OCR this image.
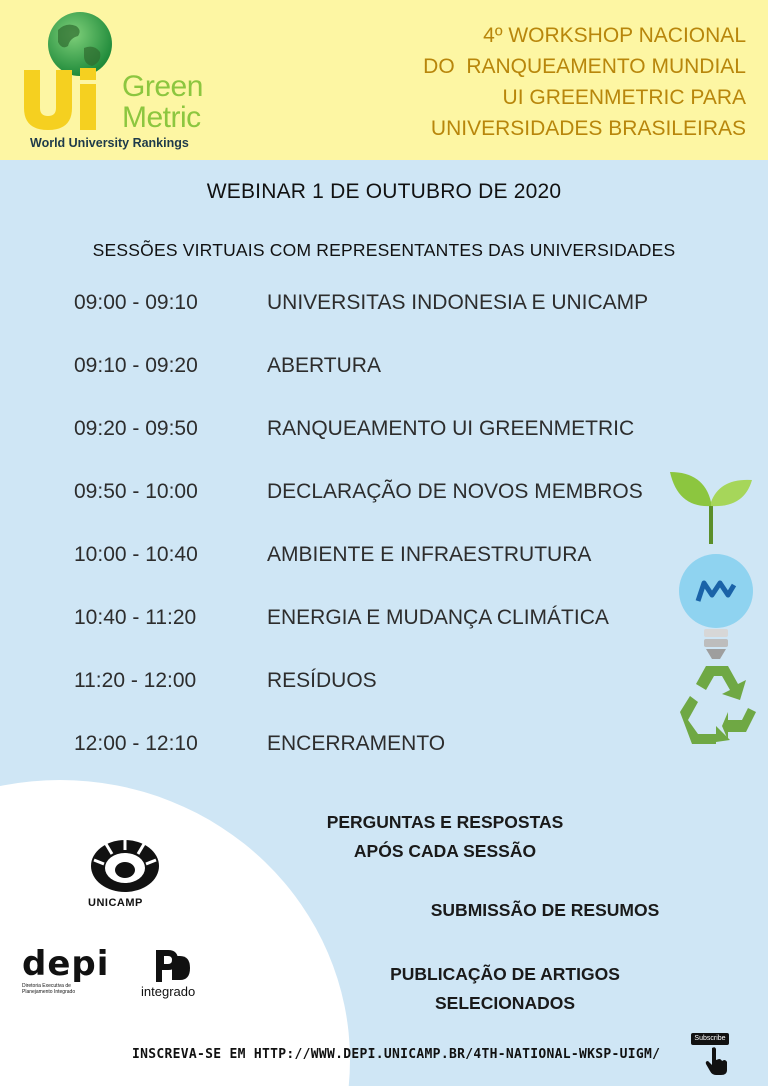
Green
Metric
World University Rankings
4º WORKSHOP NACIONAL
DO  RANQUEAMENTO MUNDIAL
UI GREENMETRIC PARA
UNIVERSIDADES BRASILEIRAS
WEBINAR 1 DE OUTUBRO DE 2020
SESSÕES VIRTUAIS COM REPRESENTANTES DAS UNIVERSIDADES
09:00 - 09:10	UNIVERSITAS INDONESIA E UNICAMP
09:10 - 09:20	ABERTURA
09:20 - 09:50	RANQUEAMENTO UI GREENMETRIC
09:50 - 10:00	DECLARAÇÃO DE NOVOS MEMBROS
10:00 - 10:40	AMBIENTE E INFRAESTRUTURA
10:40 - 11:20	ENERGIA E MUDANÇA CLIMÁTICA
11:20 - 12:00	RESÍDUOS
12:00 - 12:10	ENCERRAMENTO
PERGUNTAS E RESPOSTAS
APÓS CADA SESSÃO
SUBMISSÃO DE RESUMOS
PUBLICAÇÃO DE ARTIGOS
SELECIONADOS
UNICAMP
depi
Diretoria Executiva de
Planejamento Integrado	integrado
INSCREVA-SE EM HTTP://WWW.DEPI.UNICAMP.BR/4TH-NATIONAL-WKSP-UIGM/
Subscribe
